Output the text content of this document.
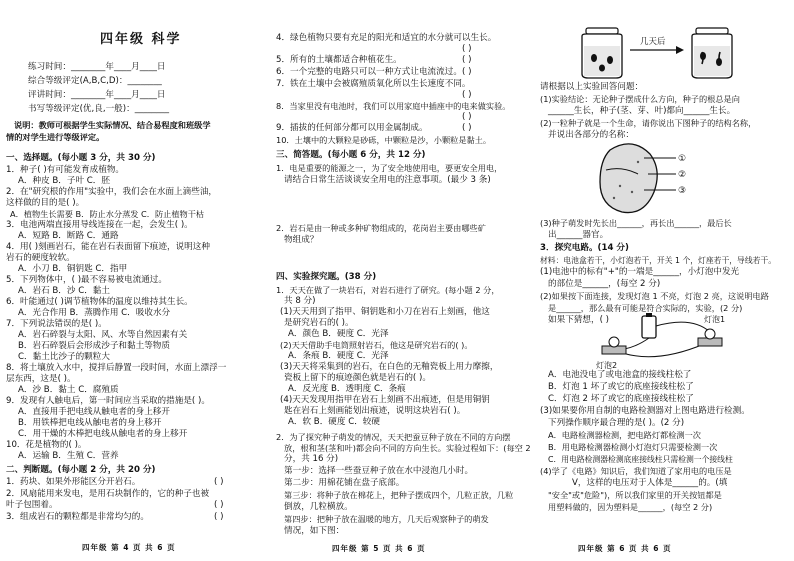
四年级 科学
练习时间：________年____月____日
综合等级评定(A,B,C,D)：________
评讲时间：________年____月____日
书写等级评定(优,良,一般)：________
说明：教师可根据学生实际情况、结合易程度和班级学
情的对学生进行等级评定。
一、选择题。(每小题 3 分，共 30 分)
1．种子( )有可能发育成植物。
A．种皮 B．子叶 C．胚
2．在"研究根的作用"实验中，我们会在水面上滴些油，
这样做的目的是( )。
A．植物生长需要 B．防止水分蒸发 C．防止植物干枯
3．电池两端直接用导线连接在一起，会发生( )。
A．短路 B．断路 C．通路
4．用( )刻画岩石，能在岩石表面留下痕迹，说明这种
岩石的硬度较软。
A．小刀 B．铜钥匙 C．指甲
5．下列物体中，( )最不容易被电流通过。
A．岩石 B．沙 C．黏土
6．叶能通过( )调节植物体的温度以维持其生长。
A．光合作用 B．蒸腾作用 C．吸收水分
7．下列说法错误的是( )。
A．岩石碎裂与太阳、风、水等自然因素有关
B．岩石碎裂后会形成沙子和黏土等物质
C．黏土比沙子的颗粒大
8．将土壤放入水中，搅拌后静置一段时间，水面上漂浮一
层东西，这是( )。
A．沙 B．黏土 C．腐殖质
9．发现有人触电后，第一时间应当采取的措施是( )。
A．直接用手把电线从触电者的身上移开
B．用铁棒把电线从触电者的身上移开
C．用干燥的木棒把电线从触电者的身上移开
10．花是植物的( )。
A．运输 B．生殖 C．营养
二、判断题。(每小题 2 分，共 20 分)
1．药块、如果外形能区分开岩石。	( )
2．风扇能用来发电，是用石块制作的，它的种子也被
叶子包围着。	( )
3．组成岩石的颗粒都是非常均匀的。	( )
四年级 第 4 页 共 6 页
4．绿色植物只要有充足的阳光和适宜的水分就可以生长。
( )
5．所有的土壤都适合种植花生。	( )
6．一个完整的电路只可以一种方式让电流流过。 ( )
7．铁在土壤中会被腐殖质氧化所以生长速度不同。
( )
8．当家里没有电池时，我们可以用家庭中插座中的电来做实验。
( )
9．插拔的任何部分都可以用金属制成。	( )
10．土壤中的大颗粒是砂砾，中颗粒是沙，小颗粒是黏土。
三、简答题。(每小题 6 分，共 12 分)
1．电是重要的能源之一，为了安全地使用电，要更安全用电，
请结合日常生活谈谈安全用电的注意事项。(最少 3 条)
2．岩石是由一种或多种矿物组成的，花岗岩主要由哪些矿
物组成？
四、实验探究题。(38 分)
1．天天在做了一块岩石，对岩石进行了研究。(每小题 2 分，
共 8 分)
(1)天天用到了指甲、铜钥匙和小刀在岩石上刻画，他这
是研究岩石的( )。
A．颜色 B．硬度 C．光泽
(2)天天借助手电筒照射岩石，他这是研究岩石的( )。
A．条痕 B．硬度 C．光泽
(3)天天将采集到的岩石，在白色的无釉瓷板上用力摩擦，
瓷板上留下的痕迹颜色就是岩石的( )。
A．反光度 B．透明度 C．条痕
(4)天天发现用指甲在岩石上刻画不出痕迹，但是用铜钥
匙在岩石上刻画能划出痕迹，说明这块岩石( )。
A．软 B．硬度 C．较硬
2．为了探究种子萌发的情况，天天把蚕豆种子放在不同的方向摆
放，根和茎(茎和叶)都会向不同的方向生长。实验过程如下：(每空 2
分，共 16 分)
第一步：选择一些蚕豆种子放在水中浸泡几小时。
第二步：用棉花铺在盘子底部。
第三步：将种子放在棉花上，把种子摆成四个，几粒正放，几粒
倒放，几粒横放。
第四步：把种子放在温暖的地方，几天后观察种子的萌发
情况，如下图：
四年级 第 5 页 共 6 页
几天后
请根据以上实验回答问题：
(1)实验结论：无论种子摆成什么方向，种子的根总是向
______生长，种子(茎、芽、叶)都向______生长。
(2)一粒种子就是一个生命，请你说出下图种子的结构名称，
并说出各部分的名称：
①
②
③
(3)种子萌发时先长出______，再长出______，最后长
出______器官。
3．探究电路。(14 分)
材料：电池盒若干，小灯泡若干，开关 1 个，灯座若干，导线若干。
(1)电池中的标有"+"的一端是______，小灯泡中发光
的部位是______，(每空 2 分)
(2)如果按下面连接，发现灯泡 1 不亮，灯泡 2 亮，这说明电路
是______，那么最有可能是符合实际的，实验，(2 分)
如果下猜想，( )	灯泡1
灯泡2
A．电池没电了或电池盒的接线柱松了
B．灯泡 1 坏了或它的底座接线柱松了
C．灯泡 2 坏了或它的底座接线柱松了
(3)如果要你用自制的电路检测器对上图电路进行检测。
下列操作顺序最合理的是( )。(2 分)
A．电路检测器检测，把电路灯都检测一次
B．用电路检测器检测小灯泡灯只需要检测一次
C．用电路检测器检测底座接线柱只需检测一个接线柱
(4)学了《电路》知识后，我们知道了家用电的电压是
V，这样的电压对于人体是______的。(填
"安全"或"危险")，所以我们家里的开关按钮都是
用塑料做的，因为塑料是______，(每空 2 分)
四年级 第 6 页 共 6 页
